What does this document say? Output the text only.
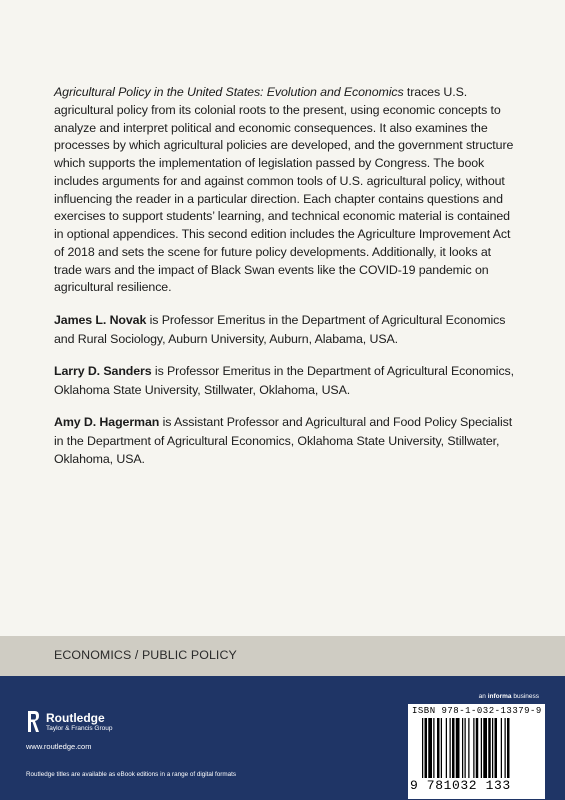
Agricultural Policy in the United States: Evolution and Economics traces U.S. agricultural policy from its colonial roots to the present, using economic concepts to analyze and interpret political and economic consequences. It also examines the processes by which agricultural policies are developed, and the government structure which supports the implementation of legislation passed by Congress. The book includes arguments for and against common tools of U.S. agricultural policy, without influencing the reader in a particular direction. Each chapter contains questions and exercises to support students’ learning, and technical economic material is contained in optional appendices. This second edition includes the Agriculture Improvement Act of 2018 and sets the scene for future policy developments. Additionally, it looks at trade wars and the impact of Black Swan events like the COVID-19 pandemic on agricultural resilience.

James L. Novak is Professor Emeritus in the Department of Agricultural Economics and Rural Sociology, Auburn University, Auburn, Alabama, USA.

Larry D. Sanders is Professor Emeritus in the Department of Agricultural Economics, Oklahoma State University, Stillwater, Oklahoma, USA.

Amy D. Hagerman is Assistant Professor and Agricultural and Food Policy Specialist in the Department of Agricultural Economics, Oklahoma State University, Stillwater, Oklahoma, USA.

ECONOMICS / PUBLIC POLICY
an informa business
Routledge
Taylor & Francis Group
www.routledge.com
Routledge titles are available as eBook editions in a range of digital formats
ISBN 978-1-032-13379-9
9 781032 133
